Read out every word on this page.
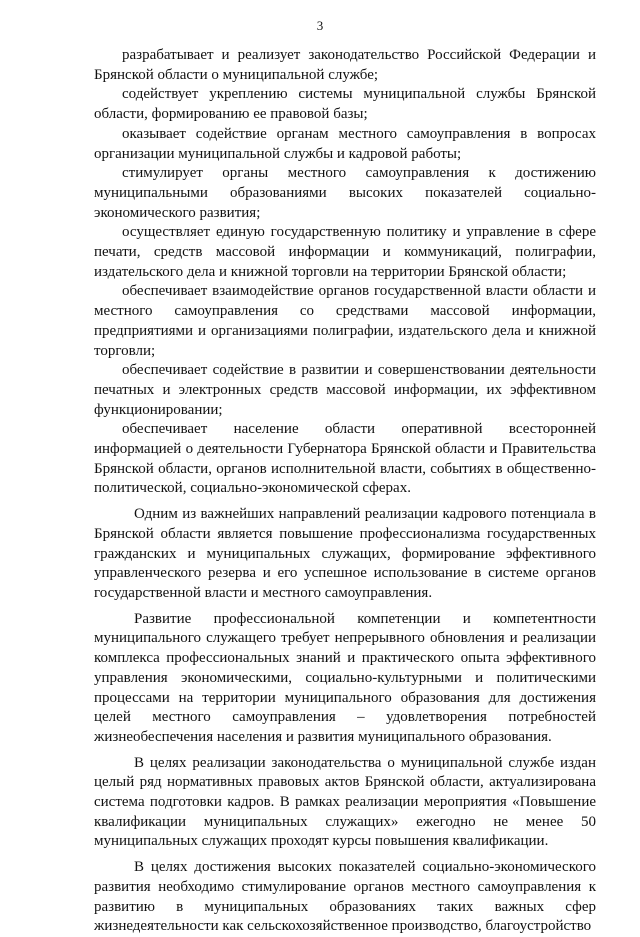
3

разрабатывает и реализует законодательство Российской Федерации и Брянской области о муниципальной службе;

содействует укреплению системы муниципальной службы Брянской области, формированию ее правовой базы;

оказывает содействие органам местного самоуправления в вопросах организации муниципальной службы и кадровой работы;

стимулирует органы местного самоуправления к достижению муниципальными образованиями высоких показателей социально-экономического развития;

осуществляет единую государственную политику и управление в сфере печати, средств массовой информации и коммуникаций, полиграфии, издательского дела и книжной торговли на территории Брянской области;

обеспечивает взаимодействие органов государственной власти области и местного самоуправления со средствами массовой информации, предприятиями и организациями полиграфии, издательского дела и книжной торговли;

обеспечивает содействие в развитии и совершенствовании деятельности печатных и электронных средств массовой информации, их эффективном функционировании;

обеспечивает население области оперативной всесторонней информацией о деятельности Губернатора Брянской области и Правительства Брянской области, органов исполнительной власти, событиях в общественно-политической, социально-экономической сферах.

Одним из важнейших направлений реализации кадрового потенциала в Брянской области является повышение профессионализма государственных гражданских и муниципальных служащих, формирование эффективного управленческого резерва и его успешное использование в системе органов государственной власти и местного самоуправления.

Развитие профессиональной компетенции и компетентности муниципального служащего требует непрерывного обновления и реализации комплекса профессиональных знаний и практического опыта эффективного управления экономическими, социально-культурными и политическими процессами на территории муниципального образования для достижения целей местного самоуправления – удовлетворения потребностей жизнеобеспечения населения и развития муниципального образования.

В целях реализации законодательства о муниципальной службе издан целый ряд нормативных правовых актов Брянской области, актуализирована система подготовки кадров. В рамках реализации мероприятия «Повышение квалификации муниципальных служащих» ежегодно не менее 50 муниципальных служащих проходят курсы повышения квалификации.

В целях достижения высоких показателей социально-экономического развития необходимо стимулирование органов местного самоуправления к развитию в муниципальных образованиях таких важных сфер жизнедеятельности как сельскохозяйственное производство, благоустройство
